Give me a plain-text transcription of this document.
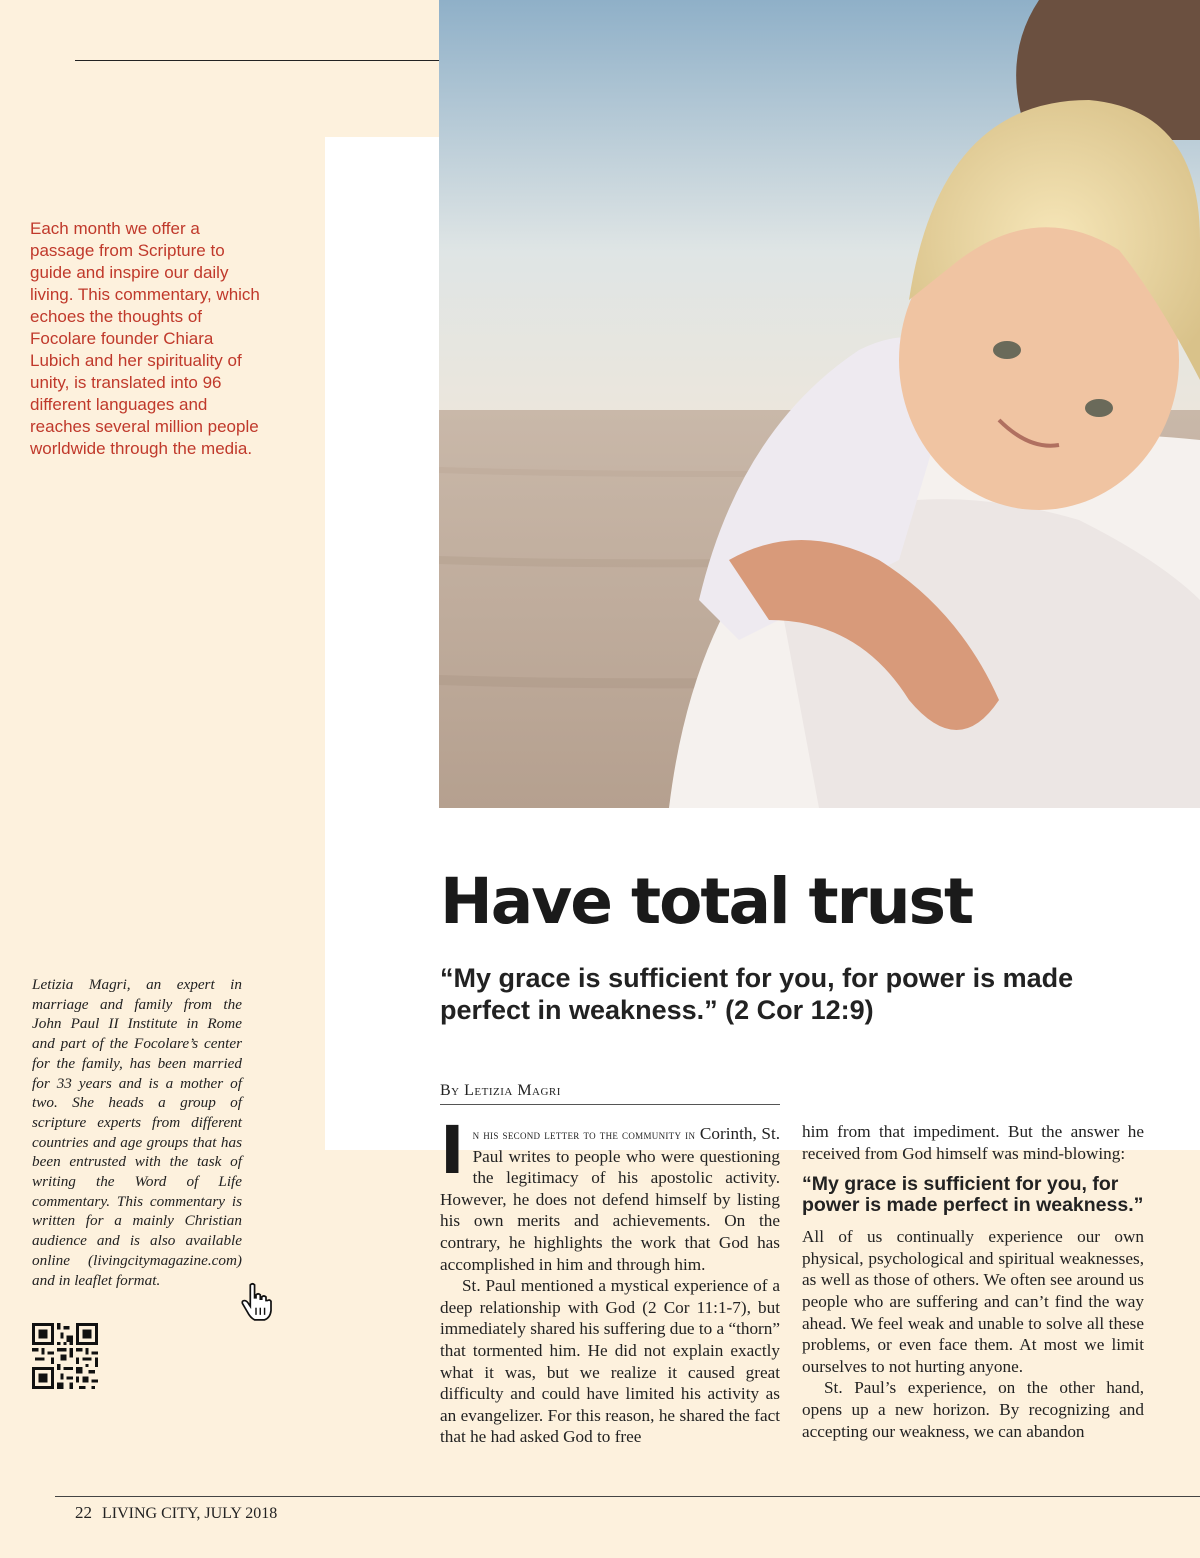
Each month we offer a passage from Scripture to guide and inspire our daily living. This commentary, which echoes the thoughts of Focolare founder Chiara Lubich and her spirituality of unity, is translated into 96 different languages and reaches several million people worldwide through the media.

Letizia Magri, an expert in marriage and family from the John Paul II Institute in Rome and part of the Focolare’s center for the family, has been married for 33 years and is a mother of two. She heads a group of scripture experts from different countries and age groups that has been entrusted with the task of writing the Word of Life commentary. This commentary is written for a mainly Christian audience and is also available online (livingcitymagazine.com) and in leaflet format.

Have total trust

“My grace is sufficient for you, for power is made perfect in weakness.” (2 Cor 12:9)

By Letizia Magri

In his second letter to the community in Corinth, St. Paul writes to people who were questioning the legitimacy of his apostolic activity. However, he does not defend himself by listing his own merits and achievements. On the contrary, he highlights the work that God has accomplished in him and through him.

St. Paul mentioned a mystical experience of a deep relationship with God (2 Cor 11:1-7), but immediately shared his suffering due to a “thorn” that tormented him. He did not explain exactly what it was, but we realize it caused great difficulty and could have limited his activity as an evangelizer. For this reason, he shared the fact that he had asked God to free

him from that impediment. But the answer he received from God himself was mind-blowing:

“My grace is sufficient for you, for power is made perfect in weakness.”

All of us continually experience our own physical, psychological and spiritual weaknesses, as well as those of others. We often see around us people who are suffering and can’t find the way ahead. We feel weak and unable to solve all these problems, or even face them. At most we limit ourselves to not hurting anyone.

St. Paul’s experience, on the other hand, opens up a new horizon. By recognizing and accepting our weakness, we can abandon

22 LIVING CITY, JULY 2018
